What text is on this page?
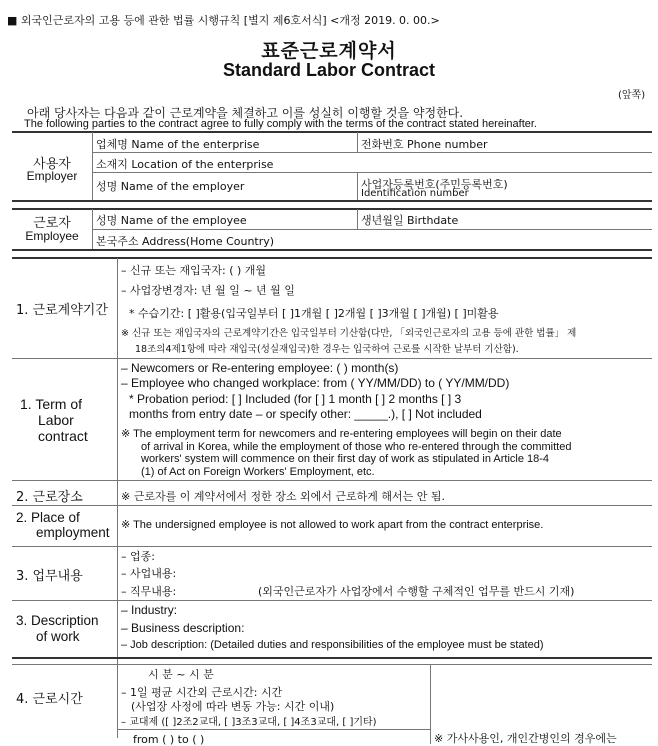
■ 외국인근로자의 고용 등에 관한 법률 시행규칙 [별지 제6호서식] <개정 2019. 0. 00.>
표준근로계약서
Standard Labor Contract
(앞쪽)
아래 당사자는 다음과 같이 근로계약을 체결하고 이를 성실히 이행할 것을 약정한다.
The following parties to the contract agree to fully comply with the terms of the contract stated hereinafter.
사용자
Employer
업체명 Name of the enterprise	전화번호 Phone number
소재지 Location of the enterprise
성명 Name of the employer	사업자등록번호(주민등록번호)
Identification number
근로자
Employee
성명 Name of the employee	생년월일 Birthdate
본국주소 Address(Home Country)
1. 근로계약기간
– 신규 또는 재입국자: ( ) 개월
– 사업장변경자: 년 월 일 ~ 년 월 일
* 수습기간: [ ]활용(입국일부터 [ ]1개월 [ ]2개월 [ ]3개월 [ ]개월) [ ]미활용
※ 신규 또는 재입국자의 근로계약기간은 입국일부터 기산함(다만, 「외국인근로자의 고용 등에 관한 법률」 제
18조의4제1항에 따라 재입국(성실재입국)한 경우는 입국하여 근로를 시작한 날부터 기산함).
1. Term of
Labor
contract
– Newcomers or Re-entering employee: ( ) month(s)
– Employee who changed workplace: from ( YY/MM/DD) to ( YY/MM/DD)
* Probation period: [ ] Included (for [ ] 1 month [ ] 2 months [ ] 3
months from entry date – or specify other: _____.), [ ] Not included
※ The employment term for newcomers and re-entering employees will begin on their date
of arrival in Korea, while the employment of those who re-entered through the committed
workers' system will commence on their first day of work as stipulated in Article 18-4
(1) of Act on Foreign Workers' Employment, etc.
2. 근로장소	※ 근로자를 이 계약서에서 정한 장소 외에서 근로하게 해서는 안 됨.
2. Place of
employment ※ The undersigned employee is not allowed to work apart from the contract enterprise.
3. 업무내용
– 업종:
– 사업내용:
– 직무내용:	(외국인근로자가 사업장에서 수행할 구체적인 업무를 반드시 기재)
3. Description
of work
– Industry:
– Business description:
– Job description: (Detailed duties and responsibilities of the employee must be stated)
4. 근로시간
시 분 ~ 시 분
– 1일 평균 시간외 근로시간: 시간
(사업장 사정에 따라 변동 가능: 시간 이내)
– 교대제 ([ ]2조2교대, [ ]3조3교대, [ ]4조3교대, [ ]기타)
from ( ) to ( )	※ 가사사용인, 개인간병인의 경우에는
